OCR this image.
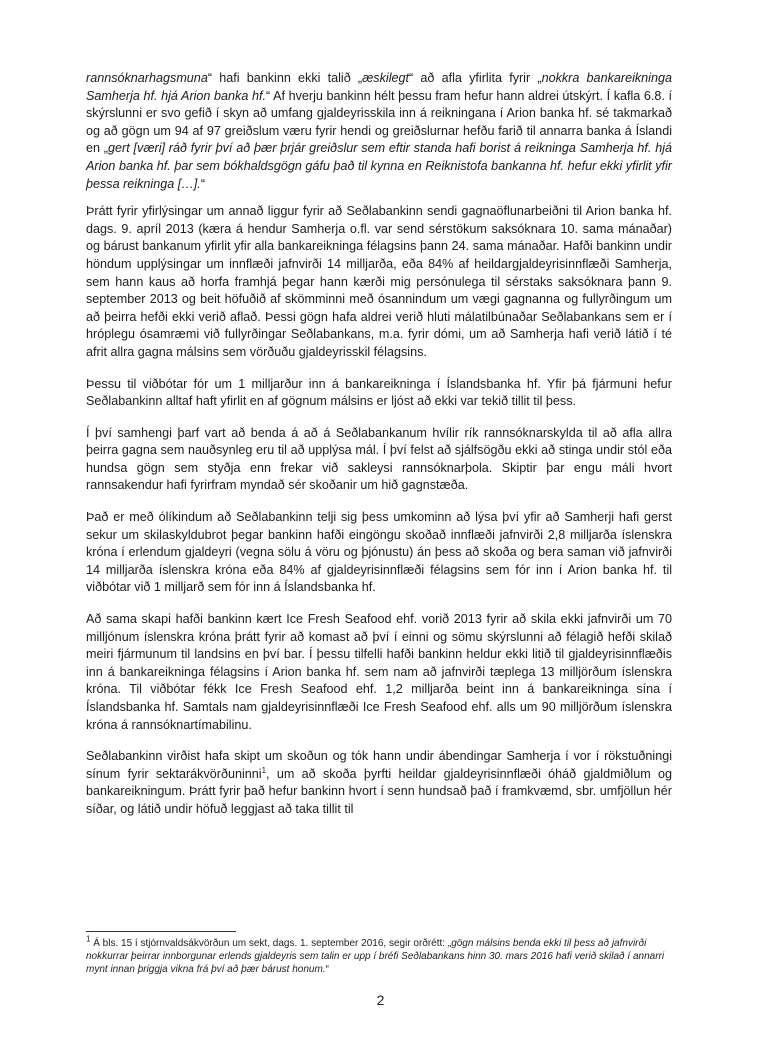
rannsóknarhagsmuna“ hafi bankinn ekki talið „æskilegt“ að afla yfirlita fyrir „nokkra bankareikninga Samherja hf. hjá Arion banka hf.“ Af hverju bankinn hélt þessu fram hefur hann aldrei útskýrt. Í kafla 6.8. í skýrslunni er svo gefið í skyn að umfang gjaldeyrisskila inn á reikningana í Arion banka hf. sé takmarkað og að gögn um 94 af 97 greiðslum væru fyrir hendi og greiðslurnar hefðu farið til annarra banka á Íslandi en „gert [væri] ráð fyrir því að þær þrjár greiðslur sem eftir standa hafi borist á reikninga Samherja hf. hjá Arion banka hf. þar sem bókhaldsgögn gáfu það til kynna en Reiknistofa bankanna hf. hefur ekki yfirlit yfir þessa reikninga […].“

Þrátt fyrir yfirlýsingar um annað liggur fyrir að Seðlabankinn sendi gagnaöflunarbeiðni til Arion banka hf. dags. 9. apríl 2013 (kæra á hendur Samherja o.fl. var send sérstökum saksóknara 10. sama mánaðar) og bárust bankanum yfirlit yfir alla bankareikninga félagsins þann 24. sama mánaðar. Hafði bankinn undir höndum upplýsingar um innflæði jafnvirði 14 milljarða, eða 84% af heildargjaldeyrisinnflæði Samherja, sem hann kaus að horfa framhjá þegar hann kærði mig persónulega til sérstaks saksóknara þann 9. september 2013 og beit höfuðið af skömminni með ósannindum um vægi gagnanna og fullyrðingum um að þeirra hefði ekki verið aflað. Þessi gögn hafa aldrei verið hluti málatilbúnaðar Seðlabankans sem er í hróplegu ósamræmi við fullyrðingar Seðlabankans, m.a. fyrir dómi, um að Samherja hafi verið látið í té afrit allra gagna málsins sem vörðuðu gjaldeyrisskil félagsins.

Þessu til viðbótar fór um 1 milljarður inn á bankareikninga í Íslandsbanka hf. Yfir þá fjármuni hefur Seðlabankinn alltaf haft yfirlit en af gögnum málsins er ljóst að ekki var tekið tillit til þess.

Í því samhengi þarf vart að benda á að á Seðlabankanum hvílir rík rannsóknarskylda til að afla allra þeirra gagna sem nauðsynleg eru til að upplýsa mál. Í því felst að sjálfsögðu ekki að stinga undir stól eða hundsa gögn sem styðja enn frekar við sakleysi rannsóknarþola. Skiptir þar engu máli hvort rannsakendur hafi fyrirfram myndað sér skoðanir um hið gagnstæða.

Það er með ólíkindum að Seðlabankinn telji sig þess umkominn að lýsa því yfir að Samherji hafi gerst sekur um skilaskyldubrot þegar bankinn hafði eingöngu skoðað innflæði jafnvirði 2,8 milljarða íslenskra króna í erlendum gjaldeyri (vegna sölu á vöru og þjónustu) án þess að skoða og bera saman við jafnvirði 14 milljarða íslenskra króna eða 84% af gjaldeyrisinnflæði félagsins sem fór inn í Arion banka hf. til viðbótar við 1 milljarð sem fór inn á Íslandsbanka hf.

Að sama skapi hafði bankinn kært Ice Fresh Seafood ehf. vorið 2013 fyrir að skila ekki jafnvirði um 70 milljónum íslenskra króna þrátt fyrir að komast að því í einni og sömu skýrslunni að félagið hefði skilað meiri fjármunum til landsins en því bar. Í þessu tilfelli hafði bankinn heldur ekki litið til gjaldeyrisinnflæðis inn á bankareikninga félagsins í Arion banka hf. sem nam að jafnvirði tæplega 13 milljörðum íslenskra króna. Til viðbótar fékk Ice Fresh Seafood ehf. 1,2 milljarða beint inn á bankareikninga sína í Íslandsbanka hf. Samtals nam gjaldeyrisinnflæði Ice Fresh Seafood ehf. alls um 90 milljörðum íslenskra króna á rannsóknartímabilinu.

Seðlabankinn virðist hafa skipt um skoðun og tók hann undir ábendingar Samherja í vor í rökstuðningi sínum fyrir sektarákvörðuninni$^1$, um að skoða þyrfti heildar gjaldeyrisinnflæði óháð gjaldmiðlum og bankareikningum. Þrátt fyrir það hefur bankinn hvort í senn hundsað það í framkvæmd, sbr. umfjöllun hér síðar, og látið undir höfuð leggjast að taka tillit til

$^1$ Á bls. 15 í stjórnvaldsákvörðun um sekt, dags. 1. september 2016, segir orðrétt: „gögn málsins benda ekki til þess að jafnvirði nokkurrar þeirrar innborgunar erlends gjaldeyris sem talin er upp í bréfi Seðlabankans hinn 30. mars 2016 hafi verið skilað í annarri mynt innan þriggja vikna frá því að þær bárust honum.“
2
